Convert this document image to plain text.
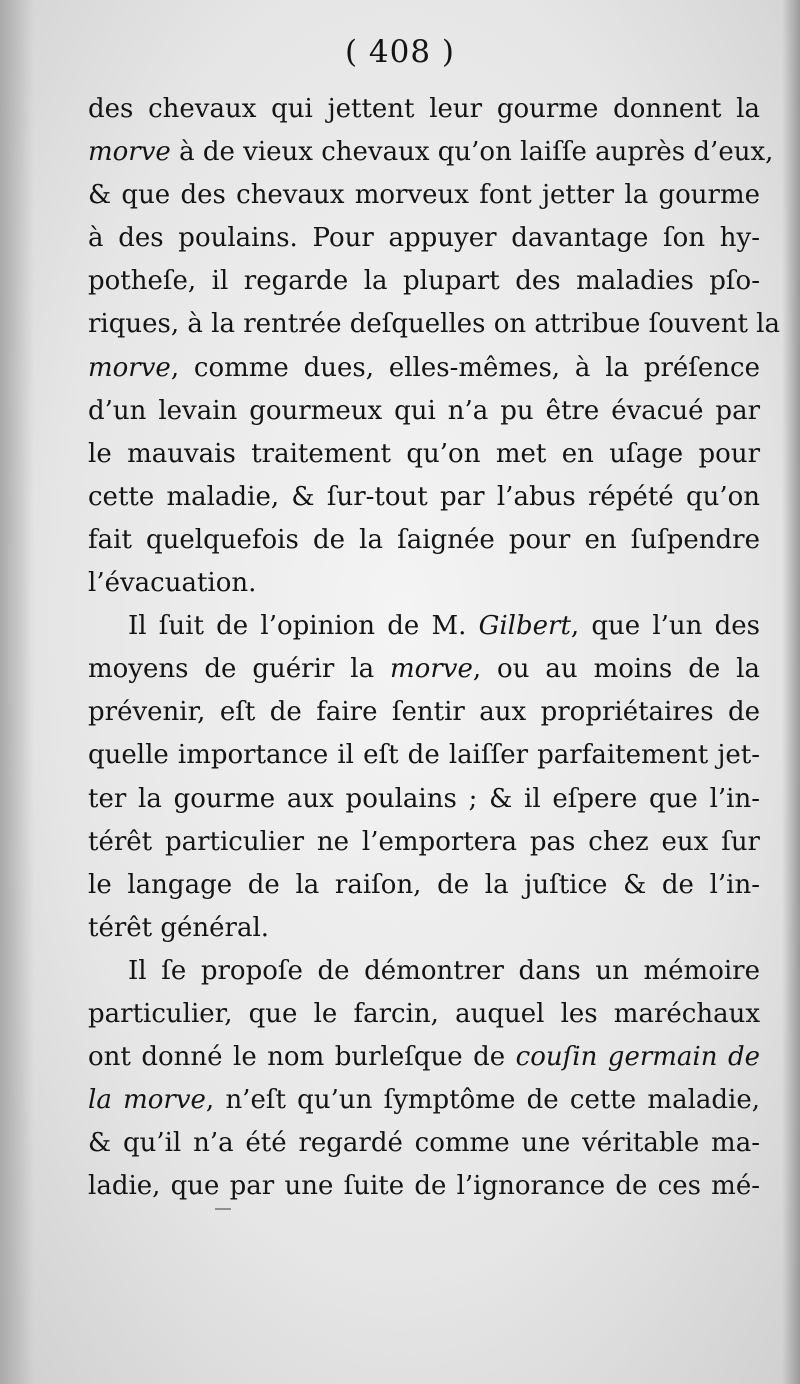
( 408 )
des chevaux qui jettent leur gourme donnent la
morve à de vieux chevaux qu’on laiſſe auprès d’eux,
& que des chevaux morveux font jetter la gourme
à des poulains. Pour appuyer davantage ſon hy-
potheſe, il regarde la plupart des maladies pſo-
riques, à la rentrée deſquelles on attribue ſouvent la
morve, comme dues, elles-mêmes, à la préſence
d’un levain gourmeux qui n’a pu être évacué par
le mauvais traitement qu’on met en uſage pour
cette maladie, & ſur-tout par l’abus répété qu’on
fait quelquefois de la ſaignée pour en ſuſpendre
l’évacuation.
Il ſuit de l’opinion de M. Gilbert, que l’un des
moyens de guérir la morve, ou au moins de la
prévenir, eſt de faire ſentir aux propriétaires de
quelle importance il eſt de laiſſer parfaitement jet-
ter la gourme aux poulains ; & il eſpere que l’in-
térêt particulier ne l’emportera pas chez eux ſur
le langage de la raiſon, de la juſtice & de l’in-
térêt général.
Il ſe propoſe de démontrer dans un mémoire
particulier, que le farcin, auquel les maréchaux
ont donné le nom burleſque de couſin germain de
la morve, n’eſt qu’un ſymptôme de cette maladie,
& qu’il n’a été regardé comme une véritable ma-
ladie, que par une ſuite de l’ignorance de ces mé-
